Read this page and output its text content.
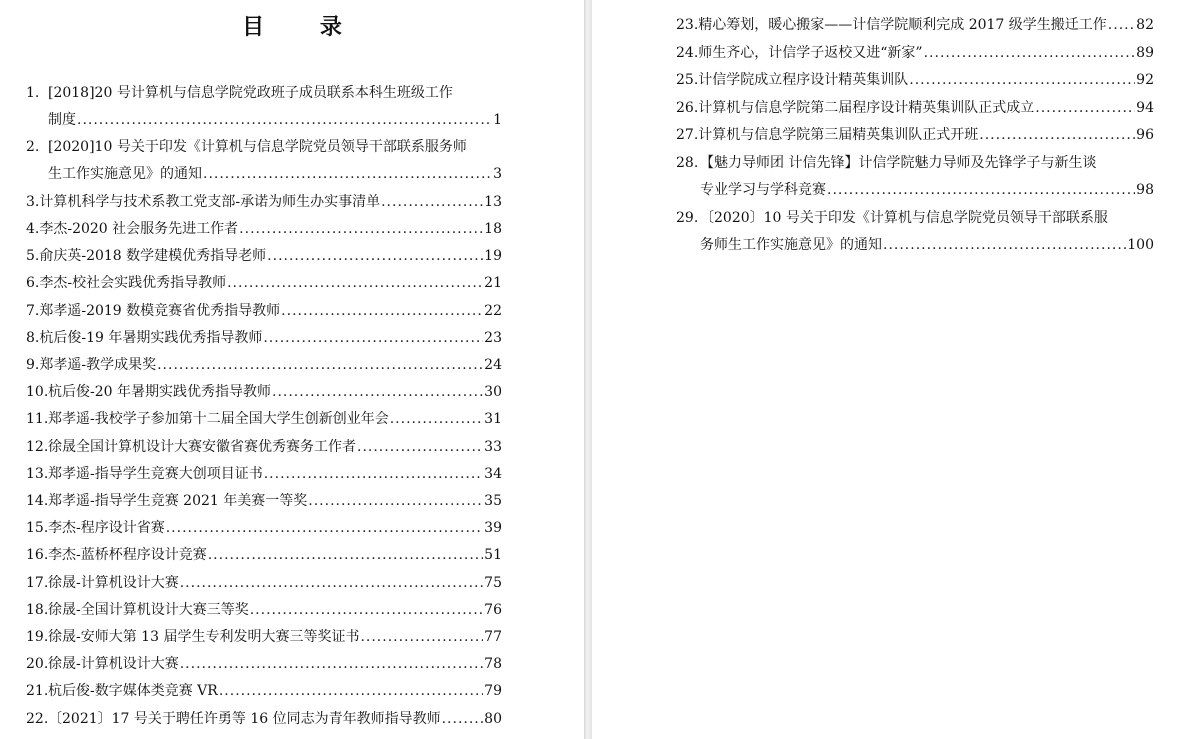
目 录
1. [2018]20 号计算机与信息学院党政班子成员联系本科生班级工作
制度 .....	1
2. [2020]10 号关于印发《计算机与信息学院党员领导干部联系服务师
生工作实施意见》的通知 .....	3
3. 计算机科学与技术系教工党支部-承诺为师生办实事清单 .....	13
4. 李杰-2020 社会服务先进工作者 .....	18
5. 俞庆英-2018 数学建模优秀指导老师 .....	19
6. 李杰-校社会实践优秀指导教师 .....	21
7. 郑孝遥-2019 数模竞赛省优秀指导教师 .....	22
8. 杭后俊-19 年暑期实践优秀指导教师 .....	23
9. 郑孝遥-教学成果奖 .....	24
10. 杭后俊-20 年暑期实践优秀指导教师 .....	30
11. 郑孝遥-我校学子参加第十二届全国大学生创新创业年会 .....	31
12. 徐晟全国计算机设计大赛安徽省赛优秀赛务工作者 .....	33
13. 郑孝遥-指导学生竞赛大创项目证书 .....	34
14. 郑孝遥-指导学生竞赛 2021 年美赛一等奖 .....	35
15. 李杰-程序设计省赛 .....	39
16. 李杰-蓝桥杯程序设计竞赛 .....	51
17. 徐晟-计算机设计大赛 .....	75
18. 徐晟-全国计算机设计大赛三等奖 .....	76
19. 徐晟-安师大第 13 届学生专利发明大赛三等奖证书 .....	77
20. 徐晟-计算机设计大赛 .....	78
21. 杭后俊-数字媒体类竞赛 VR .....	79
22. 〔2021〕17 号关于聘任许勇等 16 位同志为青年教师指导教师 .....	80
23. 精心筹划，暖心搬家——计信学院顺利完成 2017 级学生搬迁工作 ..... 82
24. 师生齐心，计信学子返校又进“新家” .....	89
25. 计信学院成立程序设计精英集训队 .....	92
26. 计算机与信息学院第二届程序设计精英集训队正式成立 .....	94
27. 计算机与信息学院第三届精英集训队正式开班 .....	96
28. 【魅力导师团 计信先锋】计信学院魅力导师及先锋学子与新生谈
专业学习与学科竞赛 .....	98
29. 〔2020〕10 号关于印发《计算机与信息学院党员领导干部联系服
务师生工作实施意见》的通知 .....	100
